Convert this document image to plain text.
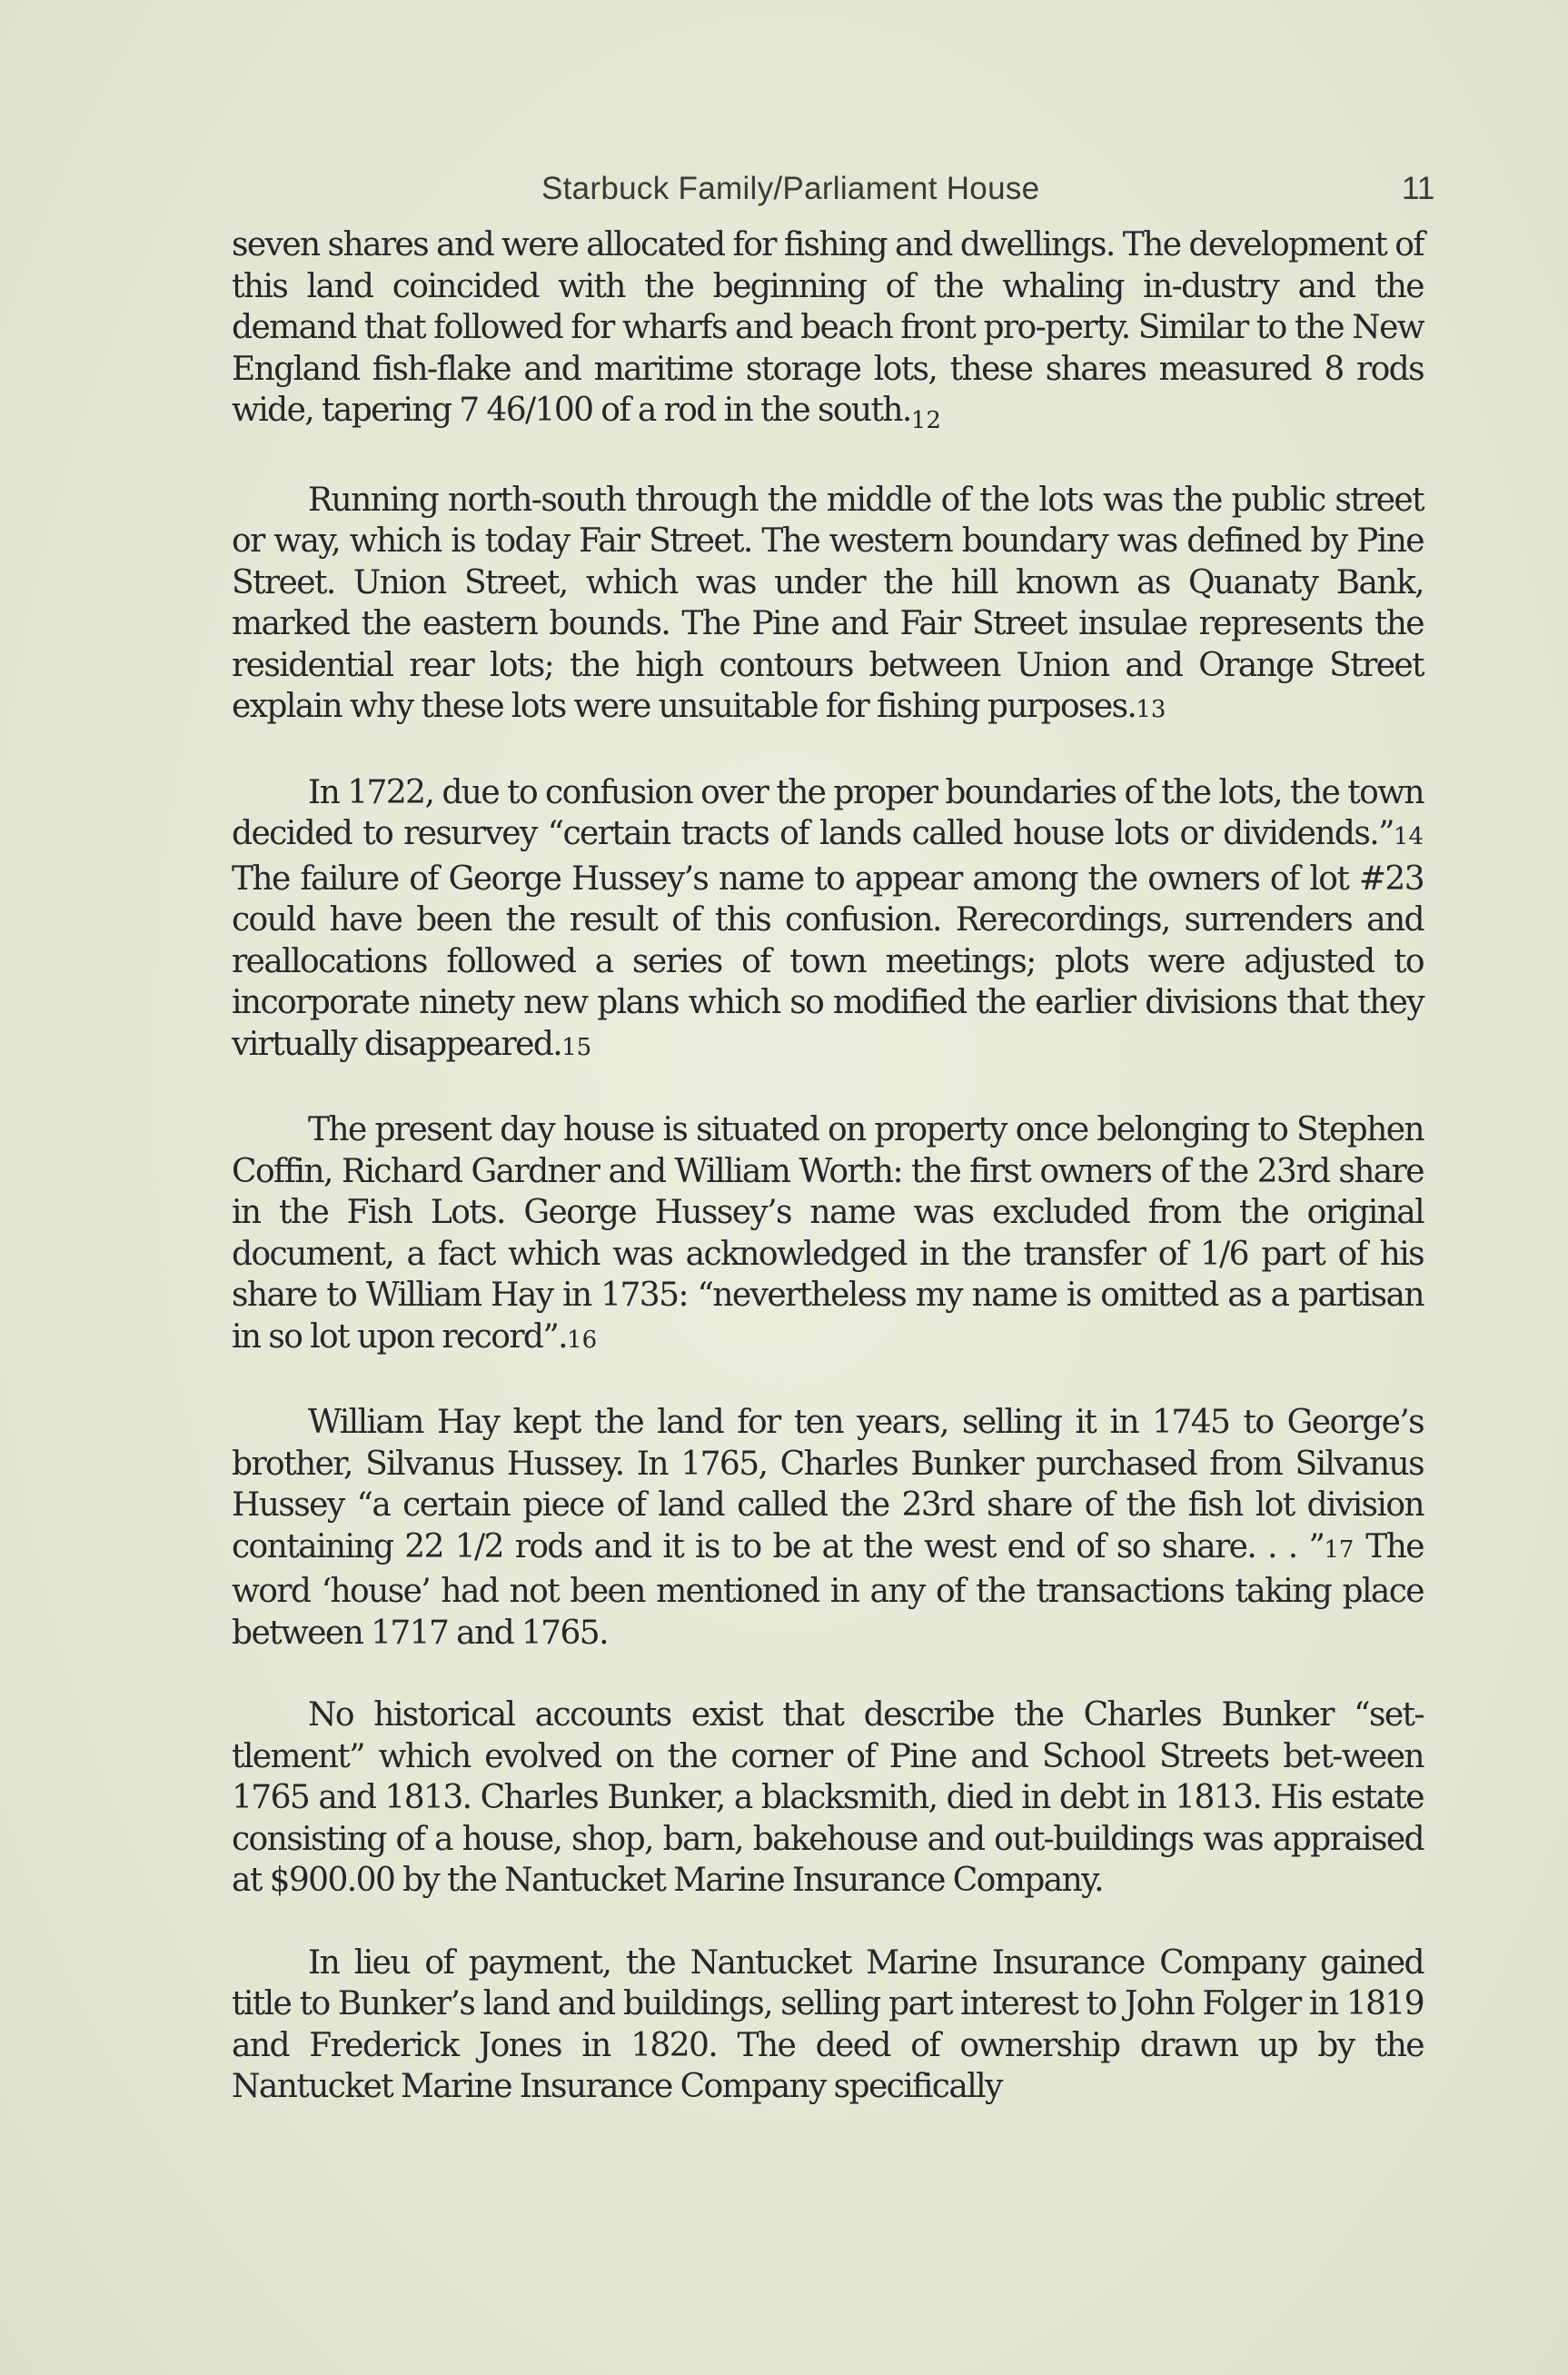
Starbuck Family/Parliament House	11

seven shares and were allocated for fishing and dwellings. The development of this land coincided with the beginning of the whaling in-dustry and the demand that followed for wharfs and beach front pro-perty. Similar to the New England fish-flake and maritime storage lots, these shares measured 8 rods wide, tapering 7 46/100 of a rod in the $south._{12}$

Running north-south through the middle of the lots was the public street or way, which is today Fair Street. The western boundary was defined by Pine Street. Union Street, which was under the hill known as Quanaty Bank, marked the eastern bounds. The Pine and Fair Street insulae represents the residential rear lots; the high contours between Union and Orange Street explain why these lots were unsuitable for fishing purposes.13

In 1722, due to confusion over the proper boundaries of the lots, the town decided to resurvey “certain tracts of lands called house lots or dividends.”14 The failure of George Hussey’s name to appear among the owners of lot #23 could have been the result of this confusion. Rerecordings, surrenders and reallocations followed a series of town meetings; plots were adjusted to incorporate ninety new plans which so modified the earlier divisions that they virtually disappeared.15

The present day house is situated on property once belonging to Stephen Coffin, Richard Gardner and William Worth: the first owners of the 23rd share in the Fish Lots. George Hussey’s name was excluded from the original document, a fact which was acknowledged in the transfer of 1/6 part of his share to William Hay in 1735: “nevertheless my name is omitted as a partisan in so lot upon record”.16

William Hay kept the land for ten years, selling it in 1745 to George’s brother, Silvanus Hussey. In 1765, Charles Bunker purchased from Silvanus Hussey “a certain piece of land called the 23rd share of the fish lot division containing 22 1/2 rods and it is to be at the west end of so share. . . ”17 The word ‘house’ had not been mentioned in any of the transactions taking place between 1717 and 1765.

No historical accounts exist that describe the Charles Bunker “set-tlement” which evolved on the corner of Pine and School Streets bet-ween 1765 and 1813. Charles Bunker, a blacksmith, died in debt in 1813. His estate consisting of a house, shop, barn, bakehouse and out-buildings was appraised at $900.00 by the Nantucket Marine Insurance Company.

In lieu of payment, the Nantucket Marine Insurance Company gained title to Bunker’s land and buildings, selling part interest to John Folger in 1819 and Frederick Jones in 1820. The deed of ownership drawn up by the Nantucket Marine Insurance Company specifically
